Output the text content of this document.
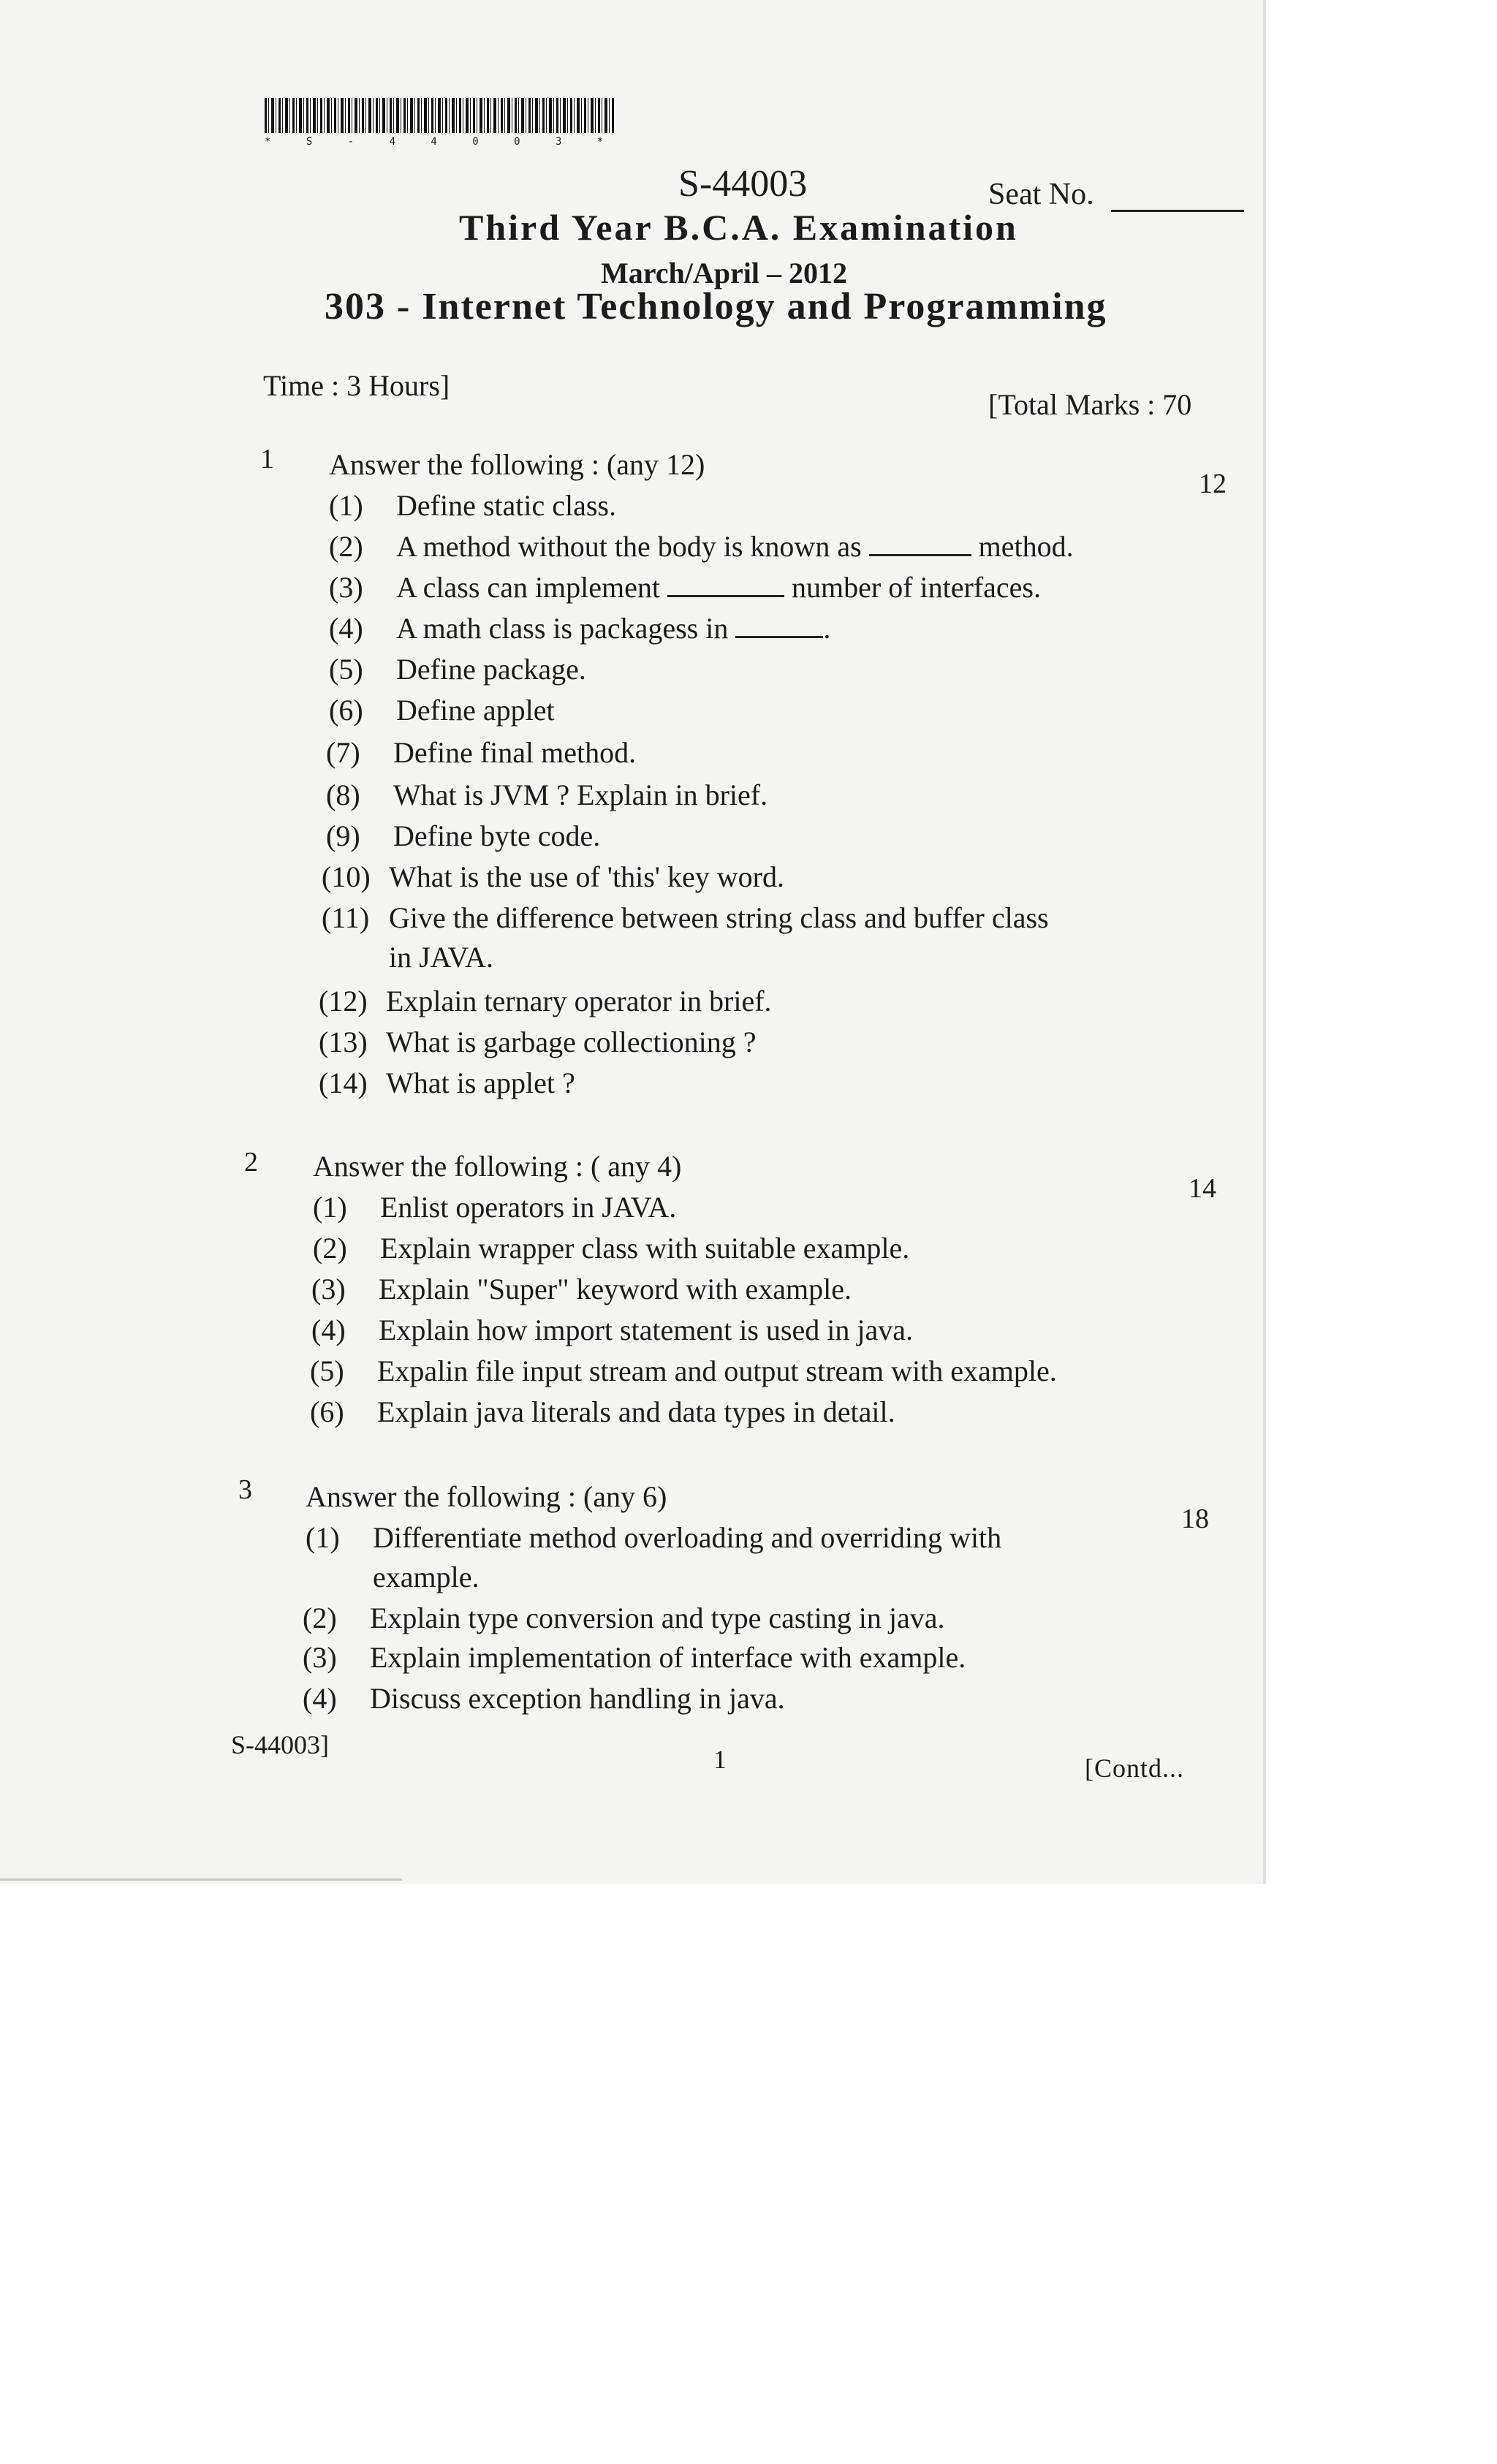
* S - 4 4 0 0 3 *
S-44003	Seat No.
Third Year B.C.A. Examination
March/April – 2012
303 - Internet Technology and Programming
Time : 3 Hours]
[Total Marks : 70
1 Answer the following : (any 12)
12
(1) Define static class.
(2) A method without the body is known as	method.
(3) A class can implement	number of interfaces.
(4) A math class is packagess in	.
(5) Define package.
(6) Define applet
(7) Define final method.
(8) What is JVM ? Explain in brief.
(9) Define byte code.
(10) What is the use of 'this' key word.
(11) Give the difference between string class and buffer class
in JAVA.
(12) Explain ternary operator in brief.
(13) What is garbage collectioning ?
(14) What is applet ?
2 Answer the following : ( any 4)
14
(1) Enlist operators in JAVA.
(2) Explain wrapper class with suitable example.
(3) Explain "Super" keyword with example.
(4) Explain how import statement is used in java.
(5) Expalin file input stream and output stream with example.
(6) Explain java literals and data types in detail.
3 Answer the following : (any 6)
18
(1) Differentiate method overloading and overriding with
example.
(2) Explain type conversion and type casting in java.
(3) Explain implementation of interface with example.
(4) Discuss exception handling in java.
S-44003]	1	[Contd...
